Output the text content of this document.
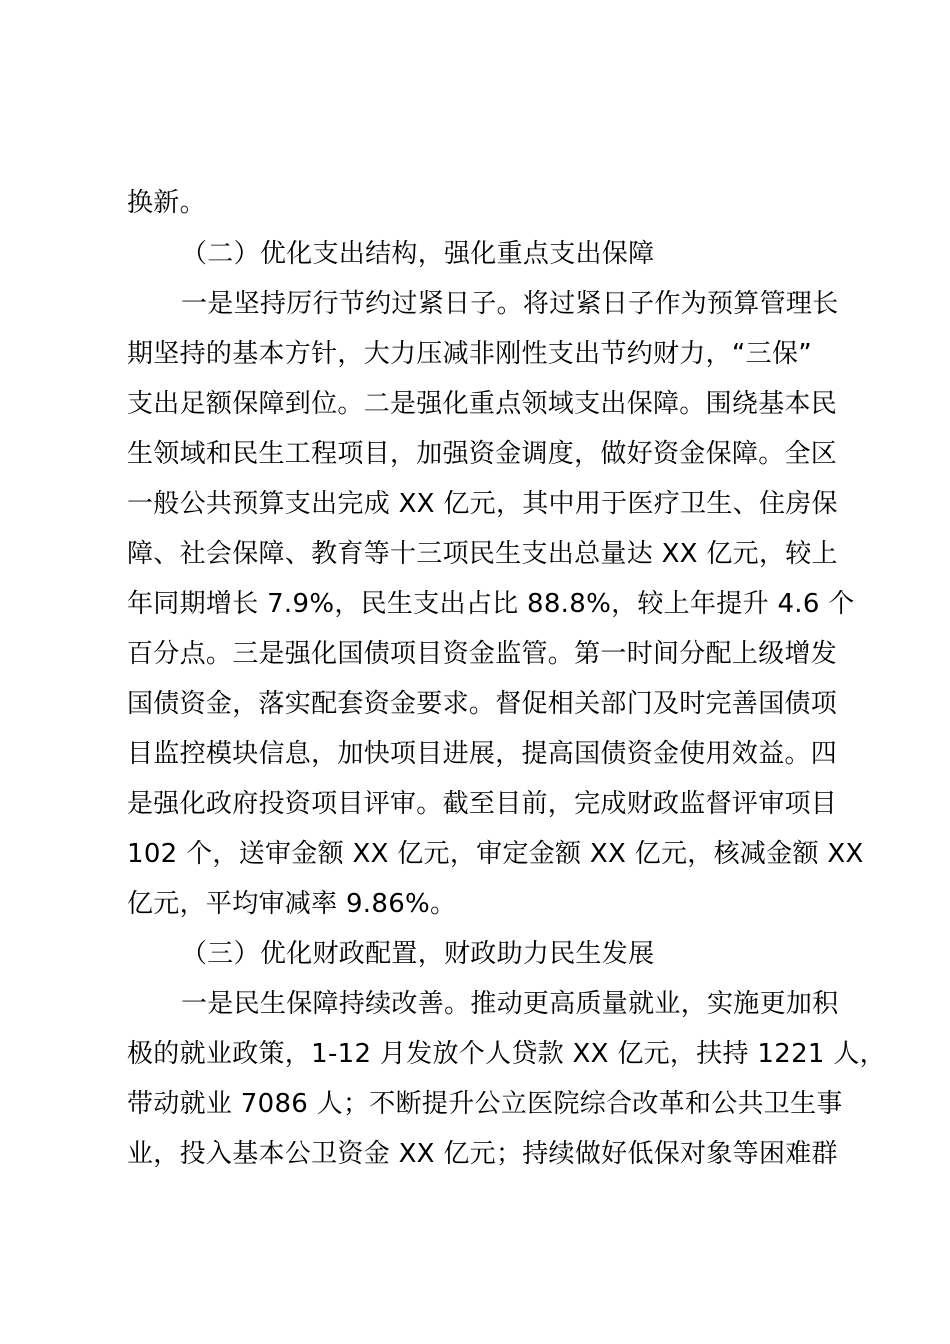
换新。
（二）优化支出结构，强化重点支出保障
一是坚持厉行节约过紧日子。将过紧日子作为预算管理长
期坚持的基本方针，大力压减非刚性支出节约财力，“三保”
支出足额保障到位。二是强化重点领域支出保障。围绕基本民
生领域和民生工程项目，加强资金调度，做好资金保障。全区
一般公共预算支出完成 XX 亿元，其中用于医疗卫生、住房保
障、社会保障、教育等十三项民生支出总量达 XX 亿元，较上
年同期增长 7.9%，民生支出占比 88.8%，较上年提升 4.6 个
百分点。三是强化国债项目资金监管。第一时间分配上级增发
国债资金，落实配套资金要求。督促相关部门及时完善国债项
目监控模块信息，加快项目进展，提高国债资金使用效益。四
是强化政府投资项目评审。截至目前，完成财政监督评审项目
102 个，送审金额 XX 亿元，审定金额 XX 亿元，核减金额 XX
亿元，平均审减率 9.86%。
（三）优化财政配置，财政助力民生发展
一是民生保障持续改善。推动更高质量就业，实施更加积
极的就业政策，1-12 月发放个人贷款 XX 亿元，扶持 1221 人，
带动就业 7086 人；不断提升公立医院综合改革和公共卫生事
业，投入基本公卫资金 XX 亿元；持续做好低保对象等困难群
